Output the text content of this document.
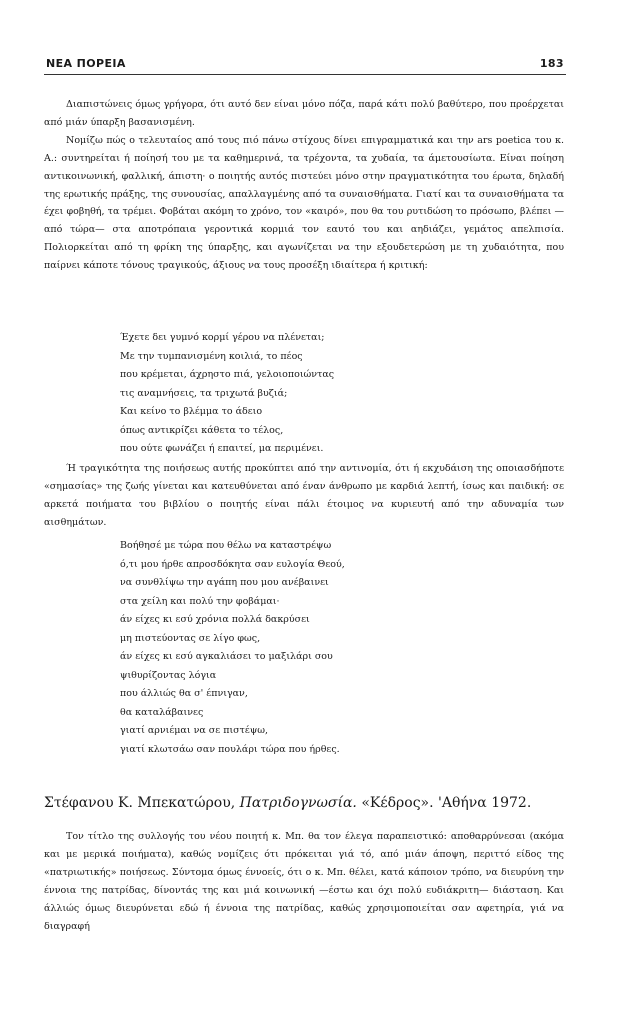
ΝΕΑ ΠΟΡΕΙΑ	183

Διαπιστώνεις όμως γρήγορα, ότι αυτό δεν είναι μόνο πόζα, παρά κάτι πολύ βαθύτερο, που προέρχεται από μιάν ύπαρξη βασανισμένη.

Νομίζω πώς ο τελευταίος από τους πιό πάνω στίχους δίνει επιγραμματικά και την ars poetica του κ. Α.: συντηρείται ή ποίησή του με τα καθημερινά, τα τρέχοντα, τα χυδαία, τα άμετουσίωτα. Είναι ποίηση αντικοινωνική, φαλλική, άπιστη· ο ποιητής αυτός πιστεύει μόνο στην πραγματικότητα του έρωτα, δηλαδή της ερωτικής πράξης, της συνουσίας, απαλλαγμένης από τα συναισθήματα. Γιατί και τα συναισθήματα τα έχει φοβηθή, τα τρέμει. Φοβάται ακόμη το χρόνο, τον «καιρό», που θα του ρυτιδώση το πρόσωπο, βλέπει —από τώρα— στα αποτρόπαια γεροντικά κορμιά τον εαυτό του και αηδιάζει, γεμάτος απελπισία. Πολιορκείται από τη φρίκη της ύπαρξης, και αγωνίζεται να την εξουδετερώση με τη χυδαιότητα, που παίρνει κάποτε τόνους τραγικούς, άξιους να τους προσέξη ιδιαίτερα ή κριτική:

Έχετε δει γυμνό κορμί γέρου να πλένεται;
Με την τυμπανισμένη κοιλιά, το πέος
που κρέμεται, άχρηστο πιά, γελοιοποιώντας
τις αναμνήσεις, τα τριχωτά βυζιά;
Και κείνο το βλέμμα το άδειο
όπως αντικρίζει κάθετα το τέλος,
που ούτε φωνάζει ή επαιτεί, μα περιμένει.

Ή τραγικότητα της ποιήσεως αυτής προκύπτει από την αντινομία, ότι ή εκχυδάιση της οποιασδήποτε «σημασίας» της ζωής γίνεται και κατευθύνεται από έναν άνθρωπο με καρδιά λεπτή, ίσως και παιδική: σε αρκετά ποιήματα του βιβλίου ο ποιητής είναι πάλι έτοιμος να κυριευτή από την αδυναμία των αισθημάτων.

Βοήθησέ με τώρα που θέλω να καταστρέψω
ό,τι μου ήρθε απροσδόκητα σαν ευλογία Θεού,
να συνθλίψω την αγάπη που μου ανέβαινει
στα χείλη και πολύ την φοβάμαι·
άν είχες κι εσύ χρόνια πολλά δακρύσει
μη πιστεύοντας σε λίγο φως,
άν είχες κι εσύ αγκαλιάσει το μαξιλάρι σου
ψιθυρίζοντας λόγια
που άλλιώς θα σ' έπνιγαν,
θα καταλάβαινες
γιατί αρνιέμαι να σε πιστέψω,
γιατί κλωτσάω σαν πουλάρι τώρα που ήρθες.
Στέφανου Κ. Μπεκατώρου, Πατριδογνωσία. «Κέδρος». 'Αθήνα 1972.

Τον τίτλο της συλλογής του νέου ποιητή κ. Μπ. θα τον έλεγα παραπειστικό: αποθαρρύνεσαι (ακόμα και με μερικά ποιήματα), καθώς νομίζεις ότι πρόκειται γιά τό, από μιάν άποψη, περιττό είδος της «πατριωτικής» ποιήσεως. Σύντομα όμως έννοείς, ότι ο κ. Μπ. θέλει, κατά κάποιον τρόπο, να διευρύνη την έννοια της πατρίδας, δίνοντάς της και μιά κοινωνική —έστω και όχι πολύ ευδιάκριτη— διάσταση. Και άλλιώς όμως διευρύνεται εδώ ή έννοια της πατρίδας, καθώς χρησιμοποιείται σαν αφετηρία, γιά να διαγραφή
